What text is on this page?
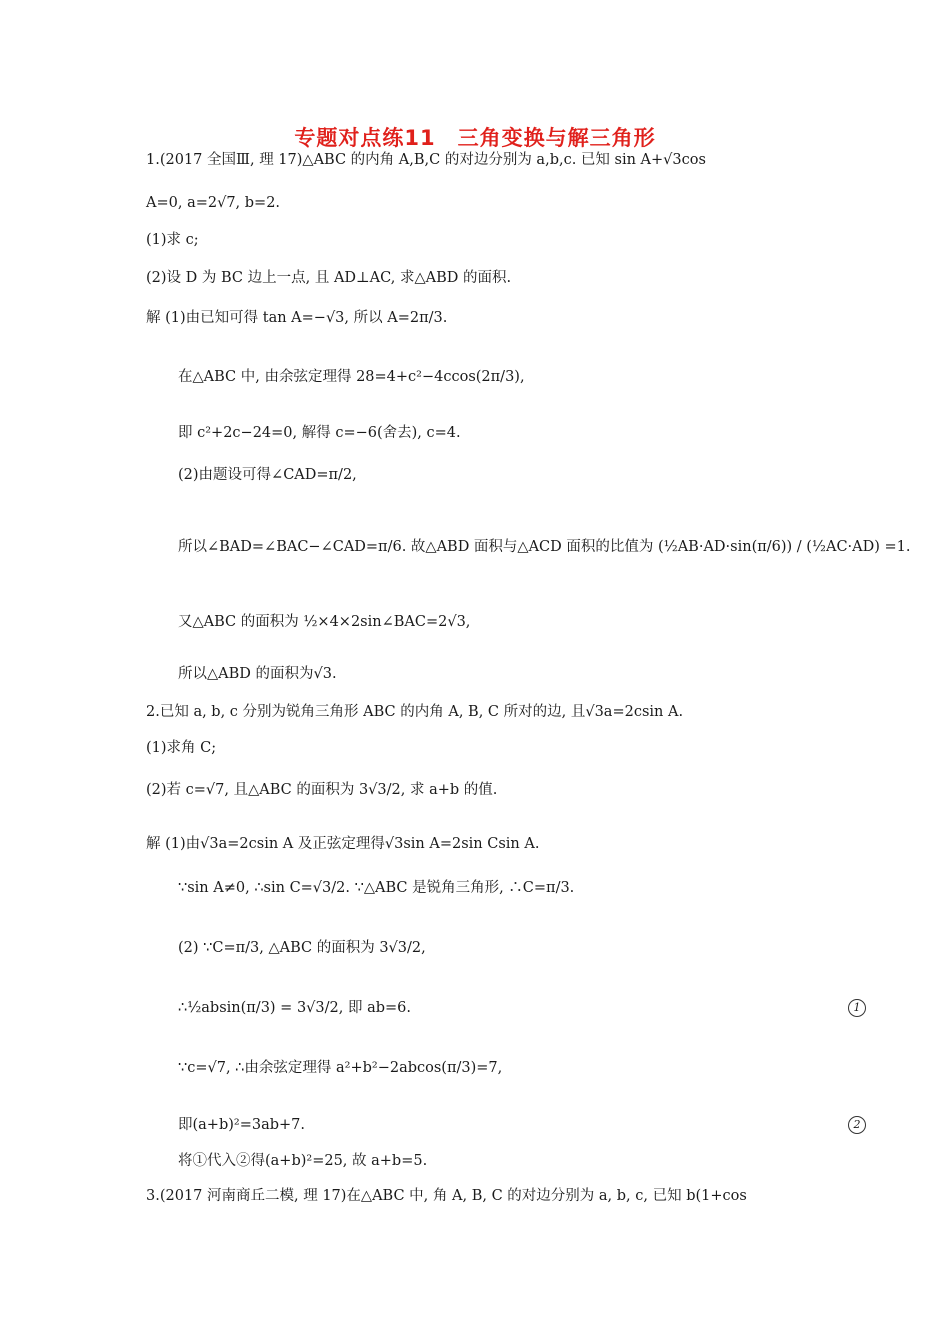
专题对点练11　三角变换与解三角形
1.(2017 全国Ⅲ, 理 17)△ABC 的内角 A,B,C 的对边分别为 a,b,c. 已知 sin A+√3cos
A=0, a=2√7, b=2.
(1)求 c;
(2)设 D 为 BC 边上一点, 且 AD⊥AC, 求△ABD 的面积.
解 (1)由已知可得 tan A=−√3, 所以 A=2π/3.
在△ABC 中, 由余弦定理得 28=4+c²−4ccos(2π/3),
即 c²+2c−24=0, 解得 c=−6(舍去), c=4.
(2)由题设可得∠CAD=π/2,
所以∠BAD=∠BAC−∠CAD=π/6. 故△ABD 面积与△ACD 面积的比值为 (½AB·AD·sin(π/6)) / (½AC·AD) =1.
又△ABC 的面积为 ½×4×2sin∠BAC=2√3,
所以△ABD 的面积为√3.
2.已知 a, b, c 分别为锐角三角形 ABC 的内角 A, B, C 所对的边, 且√3a=2csin A.
(1)求角 C;
(2)若 c=√7, 且△ABC 的面积为 3√3/2, 求 a+b 的值.
解 (1)由√3a=2csin A 及正弦定理得√3sin A=2sin Csin A.
∵sin A≠0, ∴sin C=√3/2. ∵△ABC 是锐角三角形, ∴C=π/3.
(2) ∵C=π/3, △ABC 的面积为 3√3/2,
∴½absin(π/3) = 3√3/2, 即 ab=6.
∵c=√7, ∴由余弦定理得 a²+b²−2abcos(π/3)=7,
即(a+b)²=3ab+7.
将①代入②得(a+b)²=25, 故 a+b=5.
3.(2017 河南商丘二模, 理 17)在△ABC 中, 角 A, B, C 的对边分别为 a, b, c, 已知 b(1+cos
1
2
